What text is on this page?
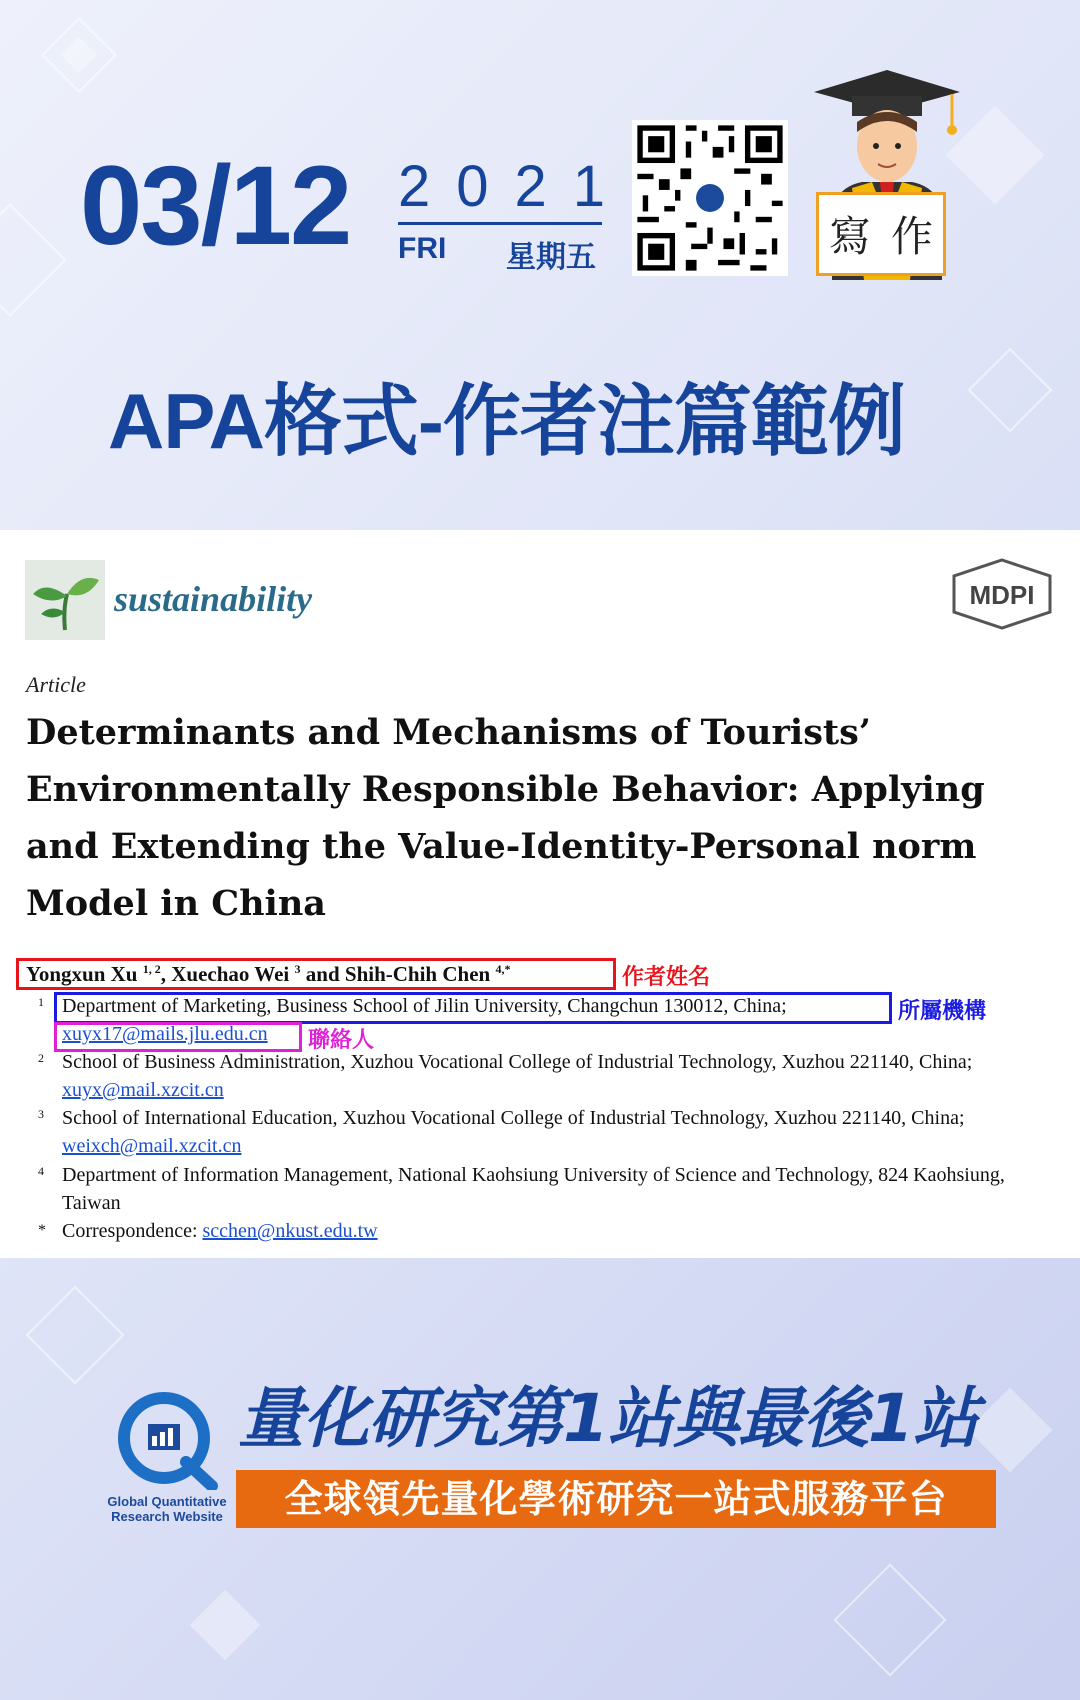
03/12 2021
FRI 星期五	寫 作
APA格式-作者注篇範例
sustainability	MDPI
Article
Determinants and Mechanisms of Tourists’ Environmentally Responsible Behavior: Applying and Extending the Value-Identity-Personal norm Model in China
Yongxun Xu $^{1, 2}$, Xuechao Wei $^3$ and Shih-Chih Chen $^{4,*}$
1 Department of Marketing, Business School of Jilin University, Changchun 130012, China;
xuyx17@mails.jlu.edu.cn
2 School of Business Administration, Xuzhou Vocational College of Industrial Technology, Xuzhou 221140, China; xuyx@mail.xzcit.cn
3 School of International Education, Xuzhou Vocational College of Industrial Technology, Xuzhou 221140, China; weixch@mail.xzcit.cn
4 Department of Information Management, National Kaohsiung University of Science and Technology, 824 Kaohsiung, Taiwan
* Correspondence: scchen@nkust.edu.tw
作者姓名
所屬機構
聯絡人
Global Quantitative Research Website
量化研究第1站與最後1站
全球領先量化學術研究一站式服務平台
